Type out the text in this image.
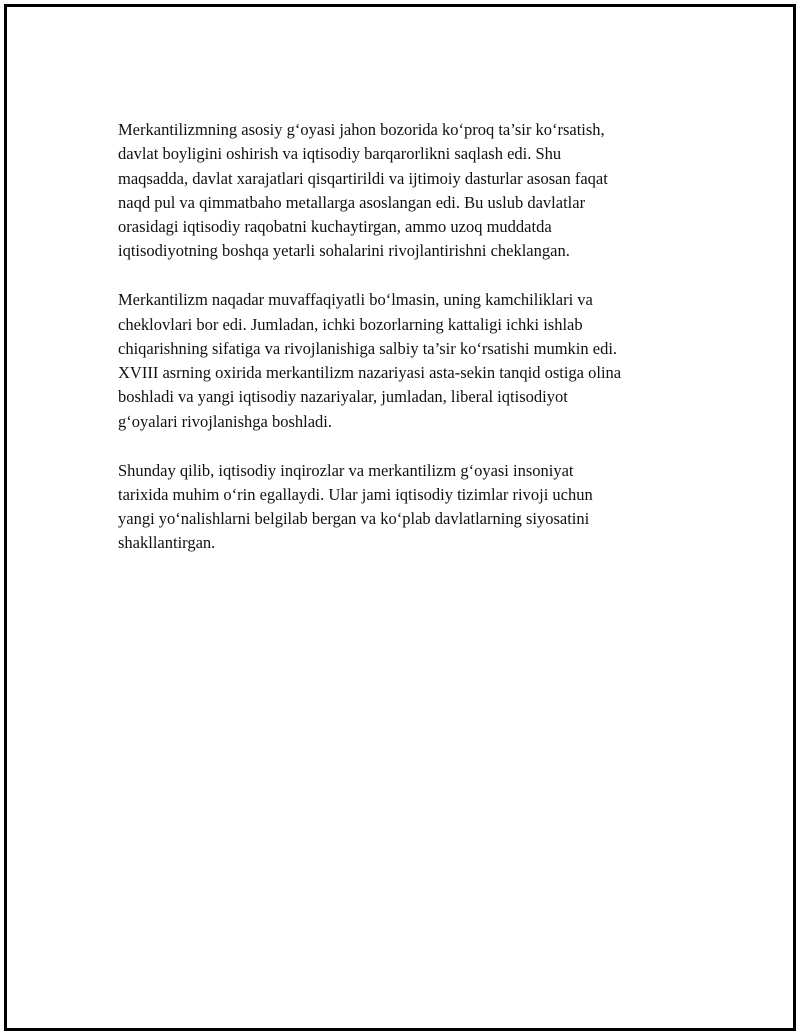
Merkantilizmning asosiy g‘oyasi jahon bozorida ko‘proq ta’sir ko‘rsatish,
davlat boyligini oshirish va iqtisodiy barqarorlikni saqlash edi. Shu
maqsadda, davlat xarajatlari qisqartirildi va ijtimoiy dasturlar asosan faqat
naqd pul va qimmatbaho metallarga asoslangan edi. Bu uslub davlatlar
orasidagi iqtisodiy raqobatni kuchaytirgan, ammo uzoq muddatda
iqtisodiyotning boshqa yetarli sohalarini rivojlantirishni cheklangan.

Merkantilizm naqadar muvaffaqiyatli bo‘lmasin, uning kamchiliklari va
cheklovlari bor edi. Jumladan, ichki bozorlarning kattaligi ichki ishlab
chiqarishning sifatiga va rivojlanishiga salbiy ta’sir ko‘rsatishi mumkin edi.
XVIII asrning oxirida merkantilizm nazariyasi asta-sekin tanqid ostiga olina
boshladi va yangi iqtisodiy nazariyalar, jumladan, liberal iqtisodiyot
g‘oyalari rivojlanishga boshladi.

Shunday qilib, iqtisodiy inqirozlar va merkantilizm g‘oyasi insoniyat
tarixida muhim o‘rin egallaydi. Ular jami iqtisodiy tizimlar rivoji uchun
yangi yo‘nalishlarni belgilab bergan va ko‘plab davlatlarning siyosatini
shakllantirgan.
